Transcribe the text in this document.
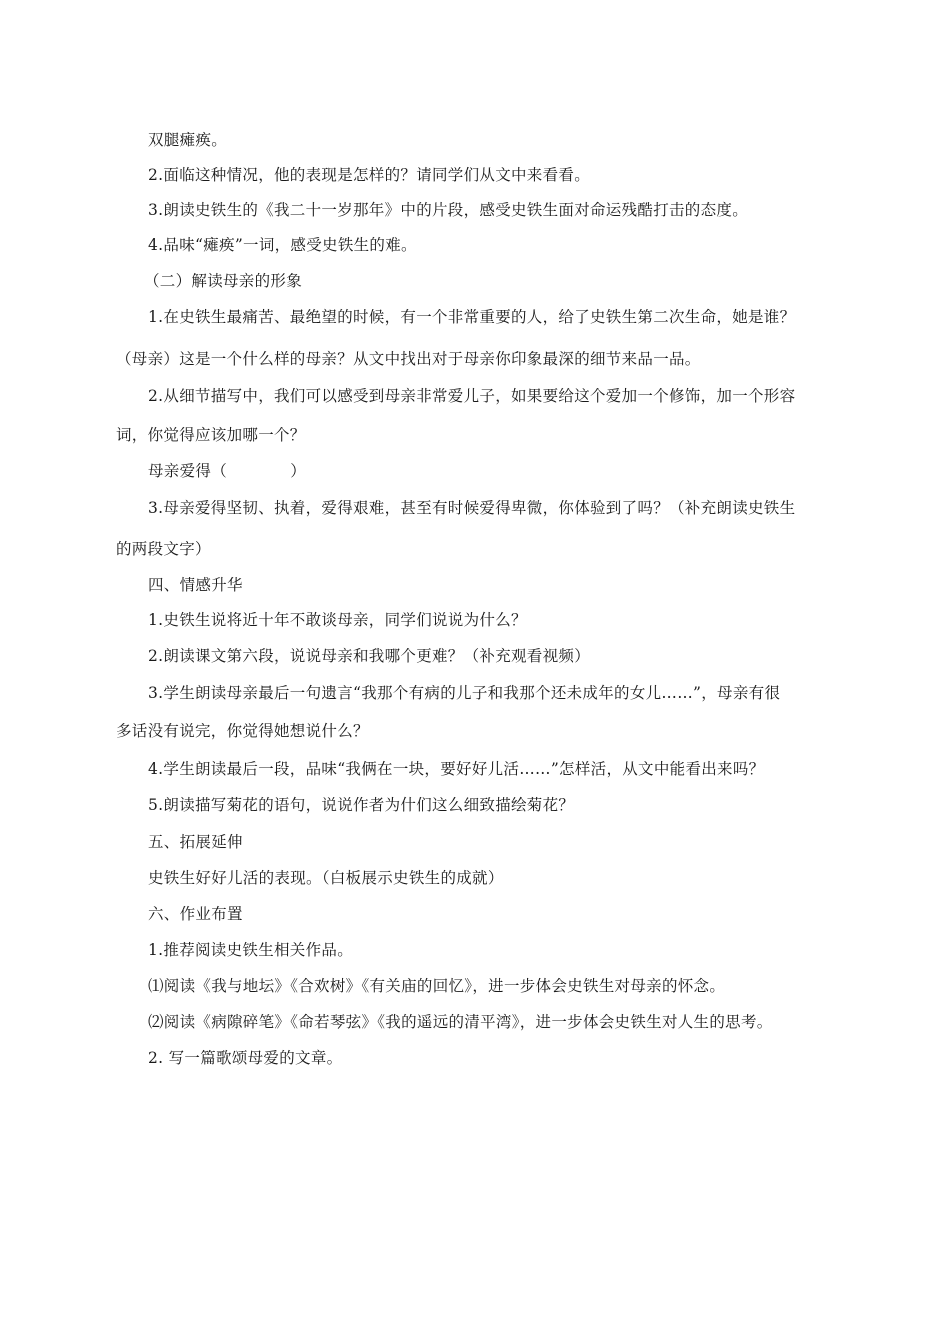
双腿瘫痪。

2.面临这种情况，他的表现是怎样的？请同学们从文中来看看。

3.朗读史铁生的《我二十一岁那年》中的片段，感受史铁生面对命运残酷打击的态度。

4.品味“瘫痪”一词，感受史铁生的难。

（二）解读母亲的形象

1.在史铁生最痛苦、最绝望的时候，有一个非常重要的人，给了史铁生第二次生命，她是谁？

（母亲）这是一个什么样的母亲？从文中找出对于母亲你印象最深的细节来品一品。

2.从细节描写中，我们可以感受到母亲非常爱儿子，如果要给这个爱加一个修饰，加一个形容

词，你觉得应该加哪一个？

母亲爱得（　　　　）

3.母亲爱得坚韧、执着，爱得艰难，甚至有时候爱得卑微，你体验到了吗？（补充朗读史铁生

的两段文字）

四、情感升华

1.史铁生说将近十年不敢谈母亲，同学们说说为什么？

2.朗读课文第六段，说说母亲和我哪个更难？（补充观看视频）

3.学生朗读母亲最后一句遗言“我那个有病的儿子和我那个还未成年的女儿……”，母亲有很

多话没有说完，你觉得她想说什么？

4.学生朗读最后一段，品味“我俩在一块，要好好儿活……”怎样活，从文中能看出来吗？

5.朗读描写菊花的语句，说说作者为什们这么细致描绘菊花？

五、拓展延伸

史铁生好好儿活的表现。（白板展示史铁生的成就）

六、作业布置

1.推荐阅读史铁生相关作品。

⑴阅读《我与地坛》《合欢树》《有关庙的回忆》，进一步体会史铁生对母亲的怀念。

⑵阅读《病隙碎笔》《命若琴弦》《我的遥远的清平湾》，进一步体会史铁生对人生的思考。

2. 写一篇歌颂母爱的文章。
